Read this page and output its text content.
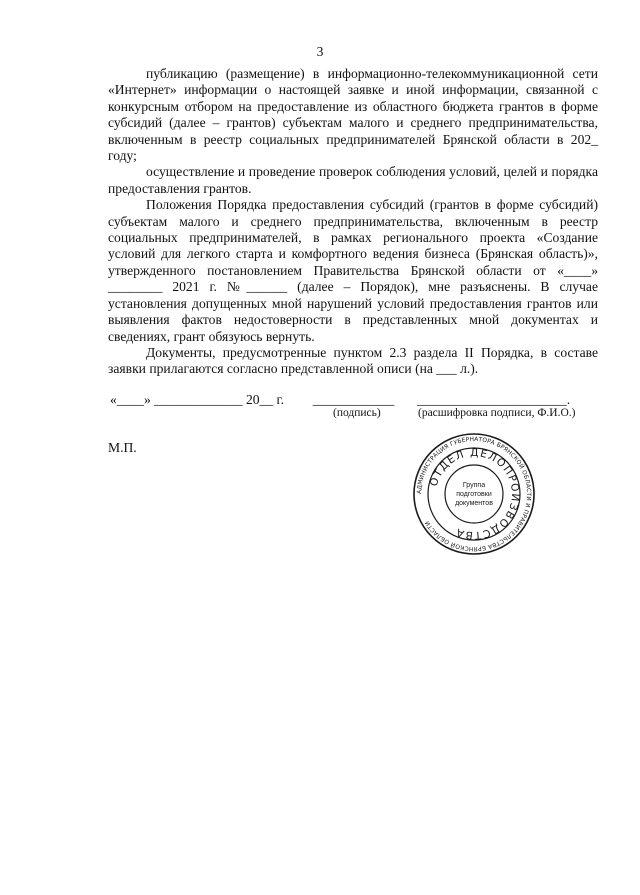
3

публикацию (размещение) в информационно-телекоммуникационной сети «Интернет» информации о настоящей заявке и иной информации, связанной с конкурсным отбором на предоставление из областного бюджета грантов в форме субсидий (далее – грантов) субъектам малого и среднего предпринимательства, включенным в реестр социальных предпринимателей Брянской области в 202_ году;

осуществление и проведение проверок соблюдения условий, целей и порядка предоставления грантов.

Положения Порядка предоставления субсидий (грантов в форме субсидий) субъектам малого и среднего предпринимательства, включенным в реестр социальных предпринимателей, в рамках регионального проекта «Создание условий для легкого старта и комфортного ведения бизнеса (Брянская область)», утвержденного постановлением Правительства Брянской области от «____» ________ 2021 г. №______ (далее – Порядок), мне разъяснены. В случае установления допущенных мной нарушений условий предоставления грантов или выявления фактов недостоверности в представленных мной документах и сведениях, грант обязуюсь вернуть.

Документы, предусмотренные пунктом 2.3 раздела II Порядка, в составе заявки прилагаются согласно представленной описи (на ___ л.).

«____» _____________ 20__ г. ____________ ______________________.
(подпись)	(расшифровка подписи, Ф.И.О.)
М.П.
АДМИНИСТРАЦИЯ ГУБЕРНАТОРА БРЯНСКОЙ ОБЛАСТИ И ПРАВИТЕЛЬСТВА БРЯНСКОЙ ОБЛАСТИ
ОТДЕЛ ДЕЛОПРОИЗВОДСТВА
Группа
подготовки
документов
